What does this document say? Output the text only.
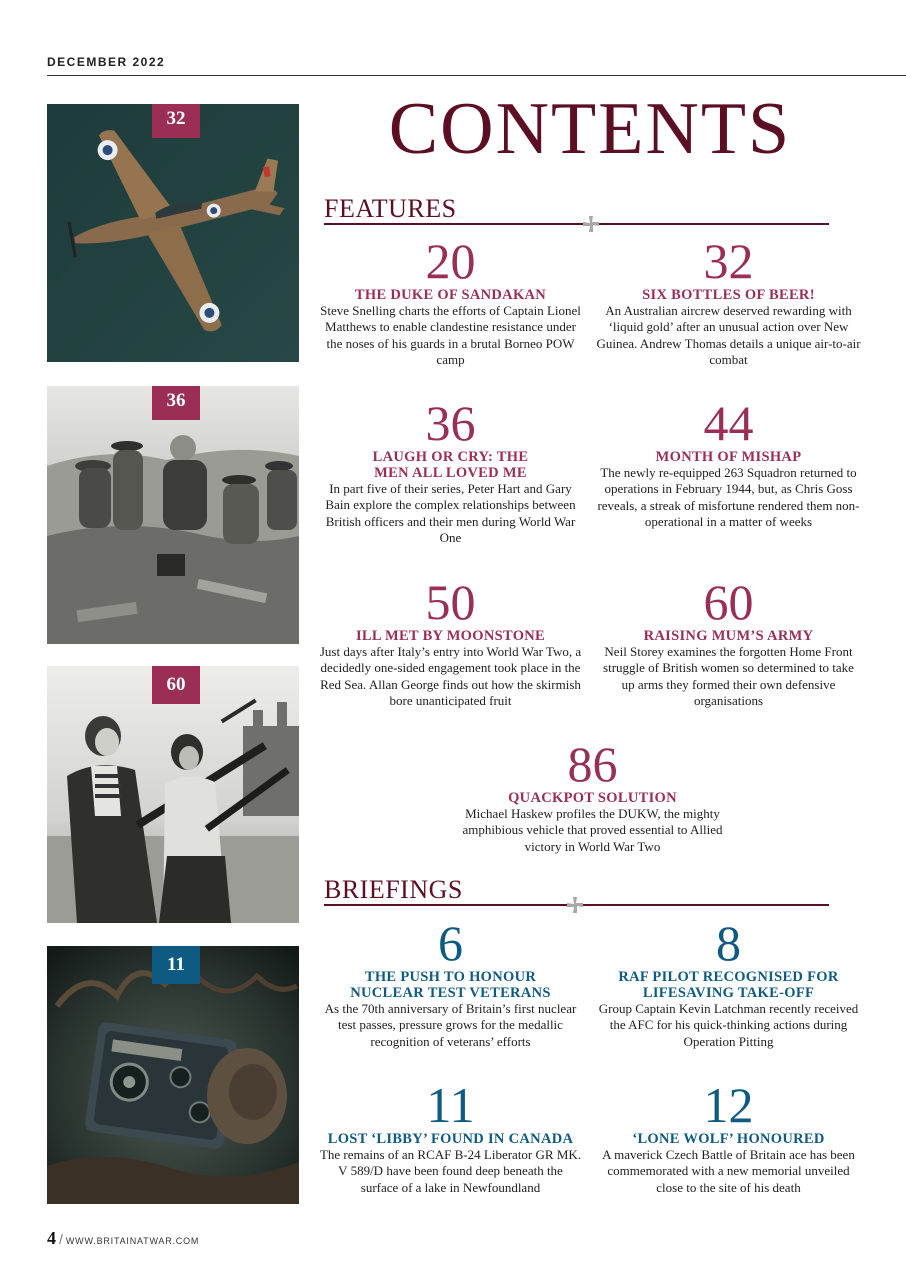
DECEMBER 2022
32
36
60
11
CONTENTS
FEATURES
20
THE DUKE OF SANDAKAN
Steve Snelling charts the efforts of Captain Lionel Matthews to enable clandestine resistance under the noses of his guards in a brutal Borneo POW camp
32
SIX BOTTLES OF BEER!
An Australian aircrew deserved rewarding with ‘liquid gold’ after an unusual action over New Guinea. Andrew Thomas details a unique air-to-air combat
36
LAUGH OR CRY: THE MEN ALL LOVED ME
In part five of their series, Peter Hart and Gary Bain explore the complex relationships between British officers and their men during World War One
44
MONTH OF MISHAP
The newly re-equipped 263 Squadron returned to operations in February 1944, but, as Chris Goss reveals, a streak of misfortune rendered them non-operational in a matter of weeks
50
ILL MET BY MOONSTONE
Just days after Italy’s entry into World War Two, a decidedly one-sided engagement took place in the Red Sea. Allan George finds out how the skirmish bore unanticipated fruit
60
RAISING MUM’S ARMY
Neil Storey examines the forgotten Home Front struggle of British women so determined to take up arms they formed their own defensive organisations
86
QUACKPOT SOLUTION
Michael Haskew profiles the DUKW, the mighty amphibious vehicle that proved essential to Allied victory in World War Two
BRIEFINGS
6
THE PUSH TO HONOUR NUCLEAR TEST VETERANS
As the 70th anniversary of Britain’s first nuclear test passes, pressure grows for the medallic recognition of veterans’ efforts
8
RAF PILOT RECOGNISED FOR LIFESAVING TAKE-OFF
Group Captain Kevin Latchman recently received the AFC for his quick-thinking actions during Operation Pitting
11
LOST ‘LIBBY’ FOUND IN CANADA
The remains of an RCAF B-24 Liberator GR MK. V 589/D have been found deep beneath the surface of a lake in Newfoundland
12
‘LONE WOLF’ HONOURED
A maverick Czech Battle of Britain ace has been commemorated with a new memorial unveiled close to the site of his death
4 / WWW.BRITAINATWAR.COM
